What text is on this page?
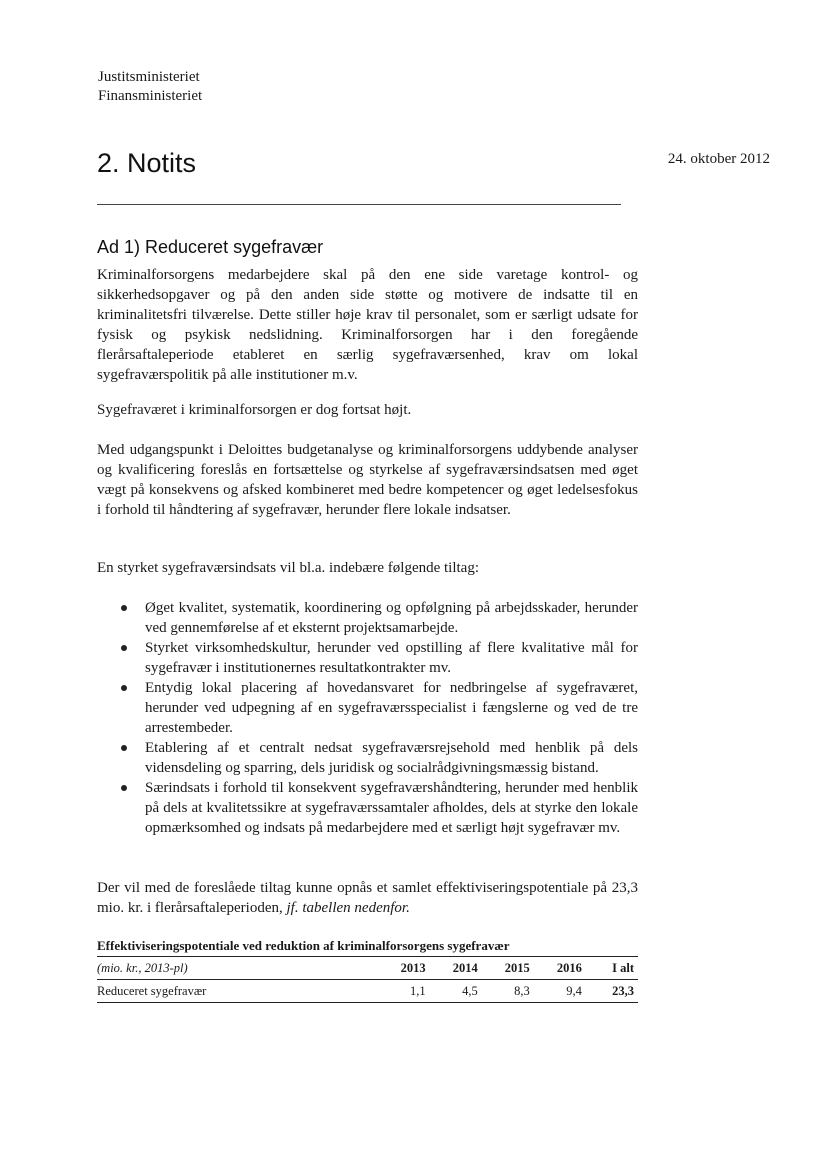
Justitsministeriet
Finansministeriet
2. Notits	24. oktober 2012
Ad 1) Reduceret sygefravær

Kriminalforsorgens medarbejdere skal på den ene side varetage kontrol- og sikkerhedsopgaver og på den anden side støtte og motivere de indsatte til en kriminalitetsfri tilværelse. Dette stiller høje krav til personalet, som er særligt udsate for fysisk og psykisk nedslidning. Kriminalforsorgen har i den foregående flerårsaftaleperiode etableret en særlig sygefraværsenhed, krav om lokal sygefraværspolitik på alle institutioner m.v.

Sygefraværet i kriminalforsorgen er dog fortsat højt.

Med udgangspunkt i Deloittes budgetanalyse og kriminalforsorgens uddybende analyser og kvalificering foreslås en fortsættelse og styrkelse af sygefraværsindsatsen med øget vægt på konsekvens og afsked kombineret med bedre kompetencer og øget ledelsesfokus i forhold til håndtering af sygefravær, herunder flere lokale indsatser.

En styrket sygefraværsindsats vil bl.a. indebære følgende tiltag:

Øget kvalitet, systematik, koordinering og opfølgning på arbejdsskader, herunder ved gennemførelse af et eksternt projektsamarbejde.
Styrket virksomhedskultur, herunder ved opstilling af flere kvalitative mål for sygefravær i institutionernes resultatkontrakter mv.
Entydig lokal placering af hovedansvaret for nedbringelse af sygefraværet, herunder ved udpegning af en sygefraværsspecialist i fængslerne og ved de tre arrestembeder.
Etablering af et centralt nedsat sygefraværsrejsehold med henblik på dels vidensdeling og sparring, dels juridisk og socialrådgivningsmæssig bistand.
Særindsats i forhold til konsekvent sygefraværshåndtering, herunder med henblik på dels at kvalitetssikre at sygefraværssamtaler afholdes, dels at styrke den lokale opmærksomhed og indsats på medarbejdere med et særligt højt sygefravær mv.

Der vil med de foreslåede tiltag kunne opnås et samlet effektiviseringspotentiale på 23,3 mio. kr. i flerårsaftaleperioden, jf. tabellen nedenfor.

Effektiviseringspotentiale ved reduktion af kriminalforsorgens sygefravær
(mio. kr., 2013-pl)	2013	2014	2015	2016	I alt
Reduceret sygefravær	1,1	4,5	8,3	9,4	23,3
